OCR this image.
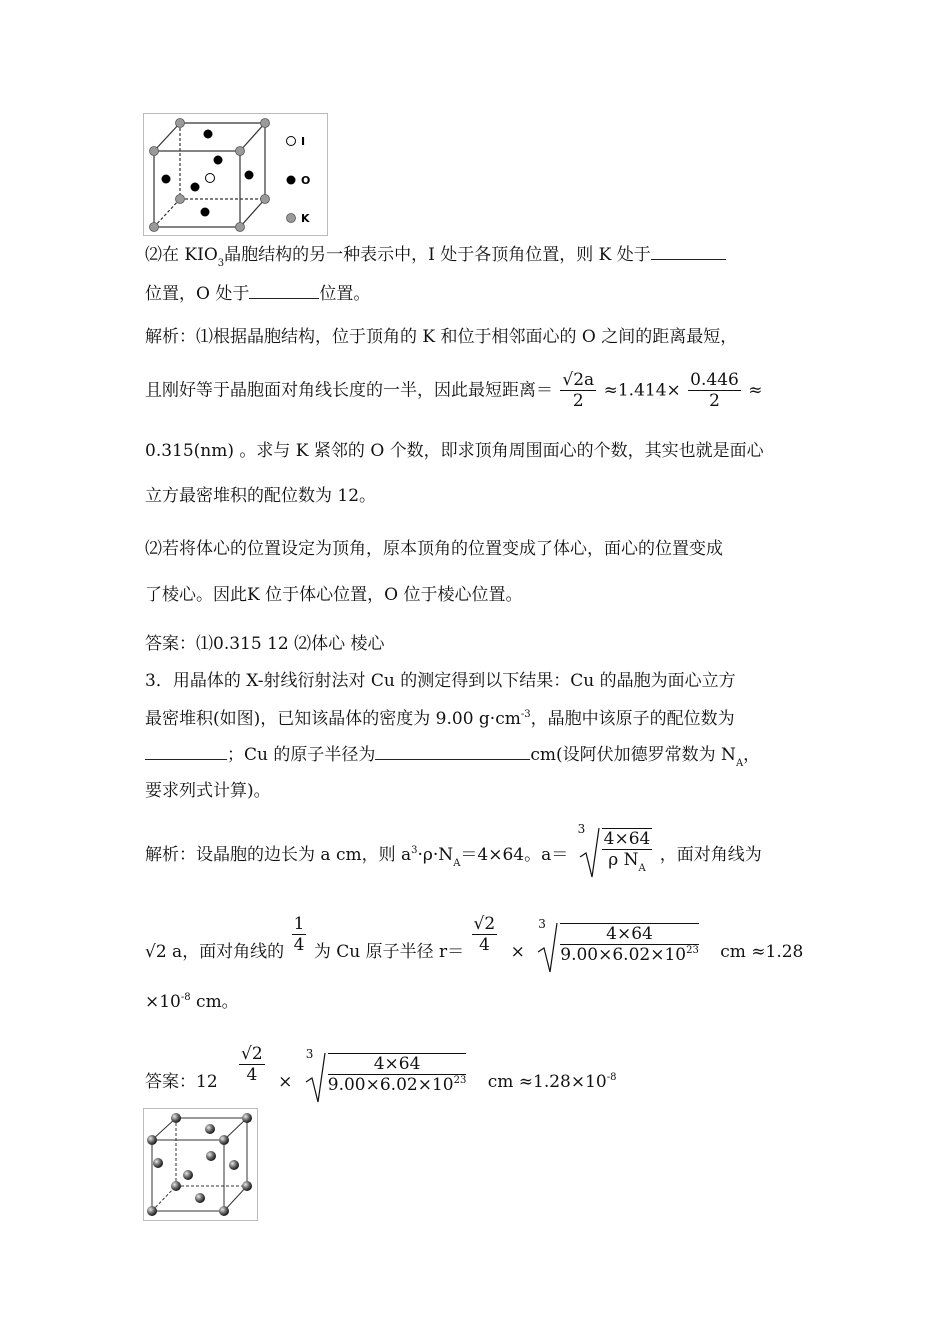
I
O
K
⑵在 $KIO_3$晶胞结构的另一种表示中，I 处于各顶角位置，则 K 处于
位置，O 处于	位置。
解析：⑴根据晶胞结构，位于顶角的 K 和位于相邻面心的 O 之间的距离最短，
且刚好等于晶胞面对角线长度的一半，因此最短距离＝ $\frac{√2a}{2} \approx 1.414\times \frac{0.446}{2}$ ≈
0.315(nm) 。求与 K 紧邻的 O 个数，即求顶角周围面心的个数，其实也就是面心
立方最密堆积的配位数为 12。
⑵若将体心的位置设定为顶角，原本顶角的位置变成了体心，面心的位置变成
了棱心。因此K 位于体心位置，O 位于棱心位置。
答案：⑴0.315 12 ⑵体心 棱心
3．用晶体的 X-射线衍射法对 Cu 的测定得到以下结果：Cu 的晶胞为面心立方
最密堆积(如图)，已知该晶体的密度为 9.00 $g\cdot cm^{-3}$，晶胞中该原子的配位数为
；Cu 的原子半径为	cm(设阿伏加德罗常数为 $N_A$，
要求列式计算)。
解析：设晶胞的边长为 a cm，则 $a^3\cdot\rho\cdot N_A=4\times 64$。a＝
$3 \frac{4\times 64}{\rho N_A}$ ，面对角线为
√2 a，面对角线的 $\frac{1}{4}$ 为 Cu 原子半径 $r= \frac{√2}{4}$ ×
$3 \frac{4\times 64}{9.00\times 6.02\times 10^{23}}$ cm ≈1.28
$\times 10^{-8}$ cm。
答案：$12 \frac{√2}{4}$ ×
$3 \frac{4\times 64}{9.00\times 6.02\times 10^{23}}$ cm $\approx 1.28\times 10^{-8}$
